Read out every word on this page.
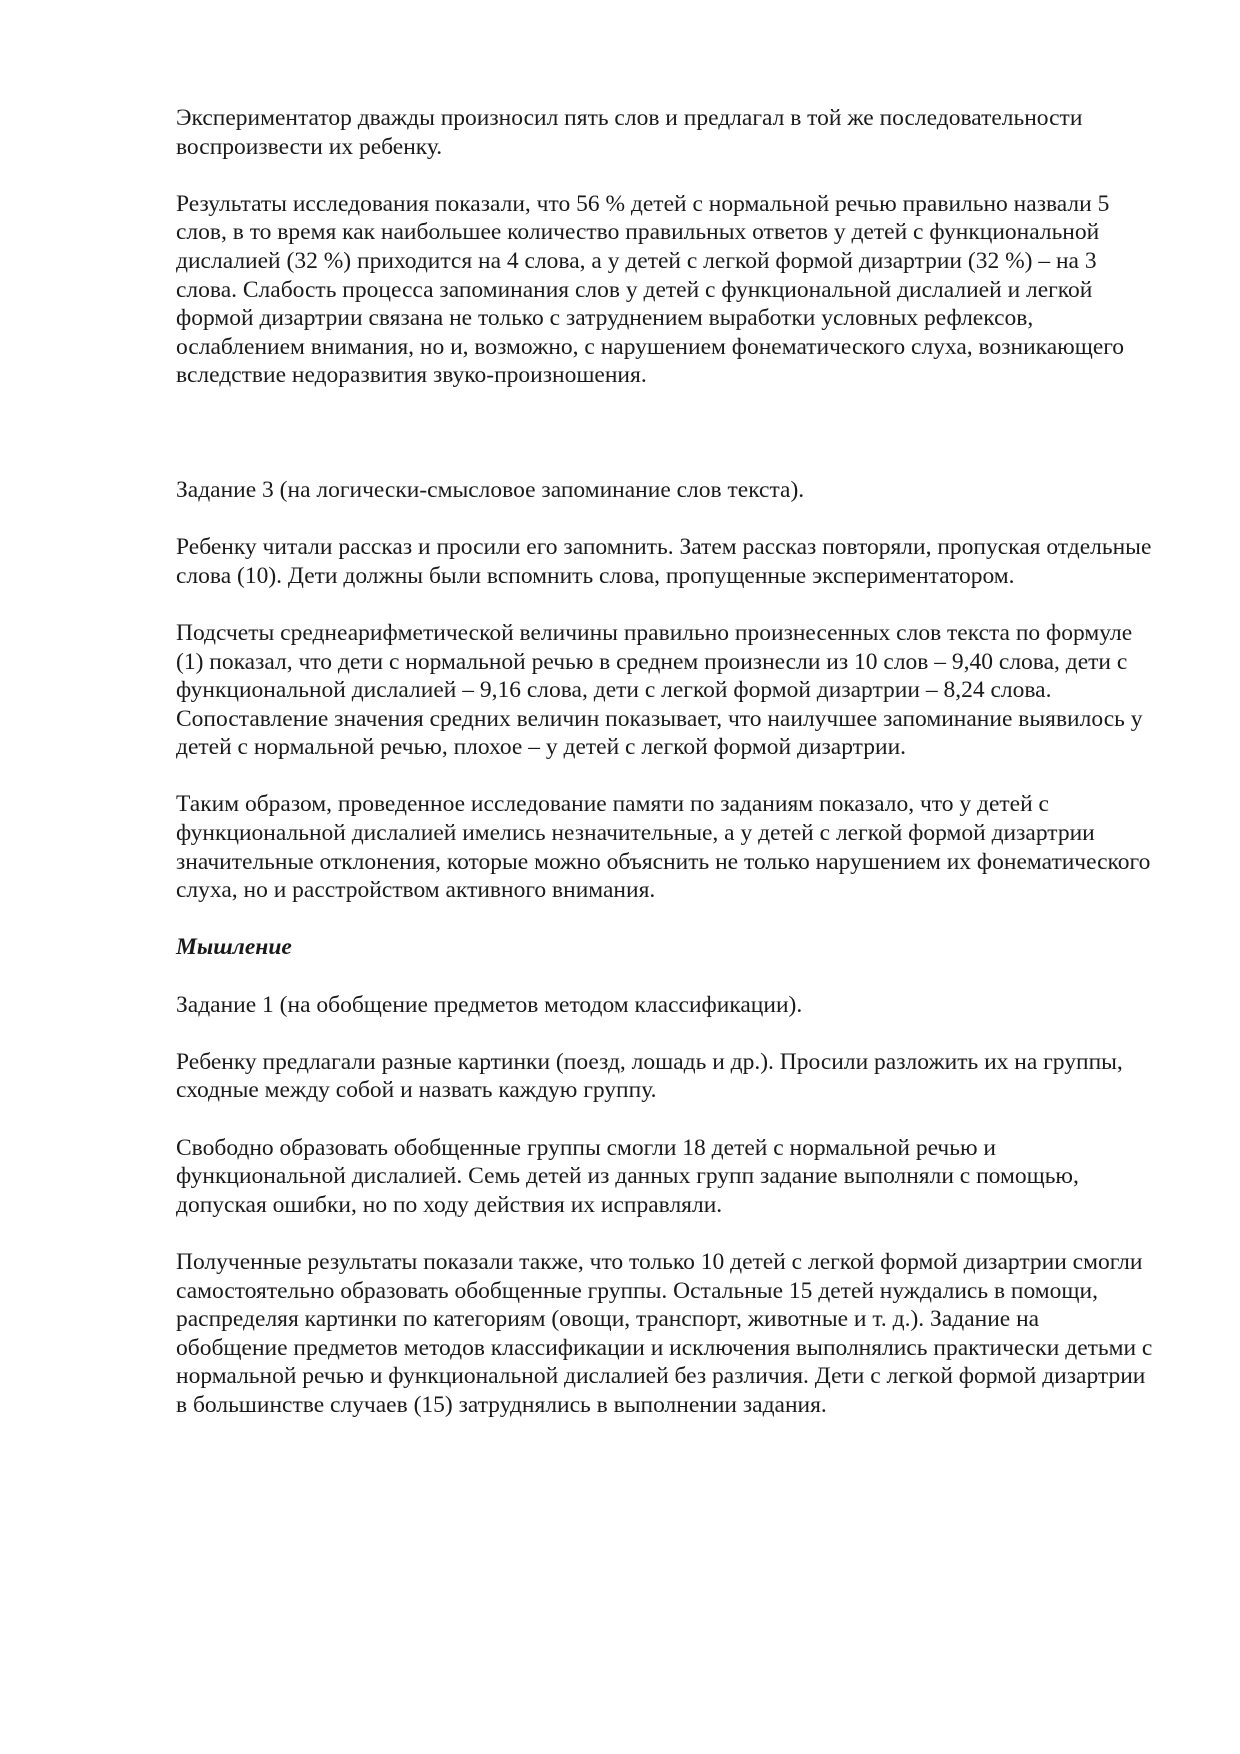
Экспериментатор дважды произносил пять слов и предлагал в той же последовательности воспроизвести их ребенку.

Результаты исследования показали, что 56 % детей с нормальной речью правильно назвали 5 слов, в то время как наибольшее количество правильных ответов у детей с функциональной дислалией (32 %) приходится на 4 слова, а у детей с легкой формой дизартрии (32 %) – на 3 слова. Слабость процесса запоминания слов у детей с функциональной дислалией и легкой формой дизартрии связана не только с затруднением выработки условных рефлексов, ослаблением внимания, но и, возможно, с нарушением фонематического слуха, возникающего вследствие недоразвития звуко-произношения.

Задание 3 (на логически-смысловое запоминание слов текста).

Ребенку читали рассказ и просили его запомнить. Затем рассказ повторяли, пропуская отдельные слова (10). Дети должны были вспомнить слова, пропущенные экспериментатором.

Подсчеты среднеарифметической величины правильно произнесенных слов текста по формуле (1) показал, что дети с нормальной речью в среднем произнесли из 10 слов – 9,40 слова, дети с функциональной дислалией – 9,16 слова, дети с легкой формой дизартрии – 8,24 слова. Сопоставление значения средних величин показывает, что наилучшее запоминание выявилось у детей с нормальной речью, плохое – у детей с легкой формой дизартрии.

Таким образом, проведенное исследование памяти по заданиям показало, что у детей с функциональной дислалией имелись незначительные, а у детей с легкой формой дизартрии значительные отклонения, которые можно объяснить не только нарушением их фонематического слуха, но и расстройством активного внимания.

Мышление

Задание 1 (на обобщение предметов методом классификации).

Ребенку предлагали разные картинки (поезд, лошадь и др.). Просили разложить их на группы, сходные между собой и назвать каждую группу.

Свободно образовать обобщенные группы смогли 18 детей с нормальной речью и функциональной дислалией. Семь детей из данных групп задание выполняли с помощью, допуская ошибки, но по ходу действия их исправляли.

Полученные результаты показали также, что только 10 детей с легкой формой дизартрии смогли самостоятельно образовать обобщенные группы. Остальные 15 детей нуждались в помощи, распределяя картинки по категориям (овощи, транспорт, животные и т. д.). Задание на обобщение предметов методов классификации и исключения выполнялись практически детьми с нормальной речью и функциональной дислалией без различия. Дети с легкой формой дизартрии в большинстве случаев (15) затруднялись в выполнении задания.
